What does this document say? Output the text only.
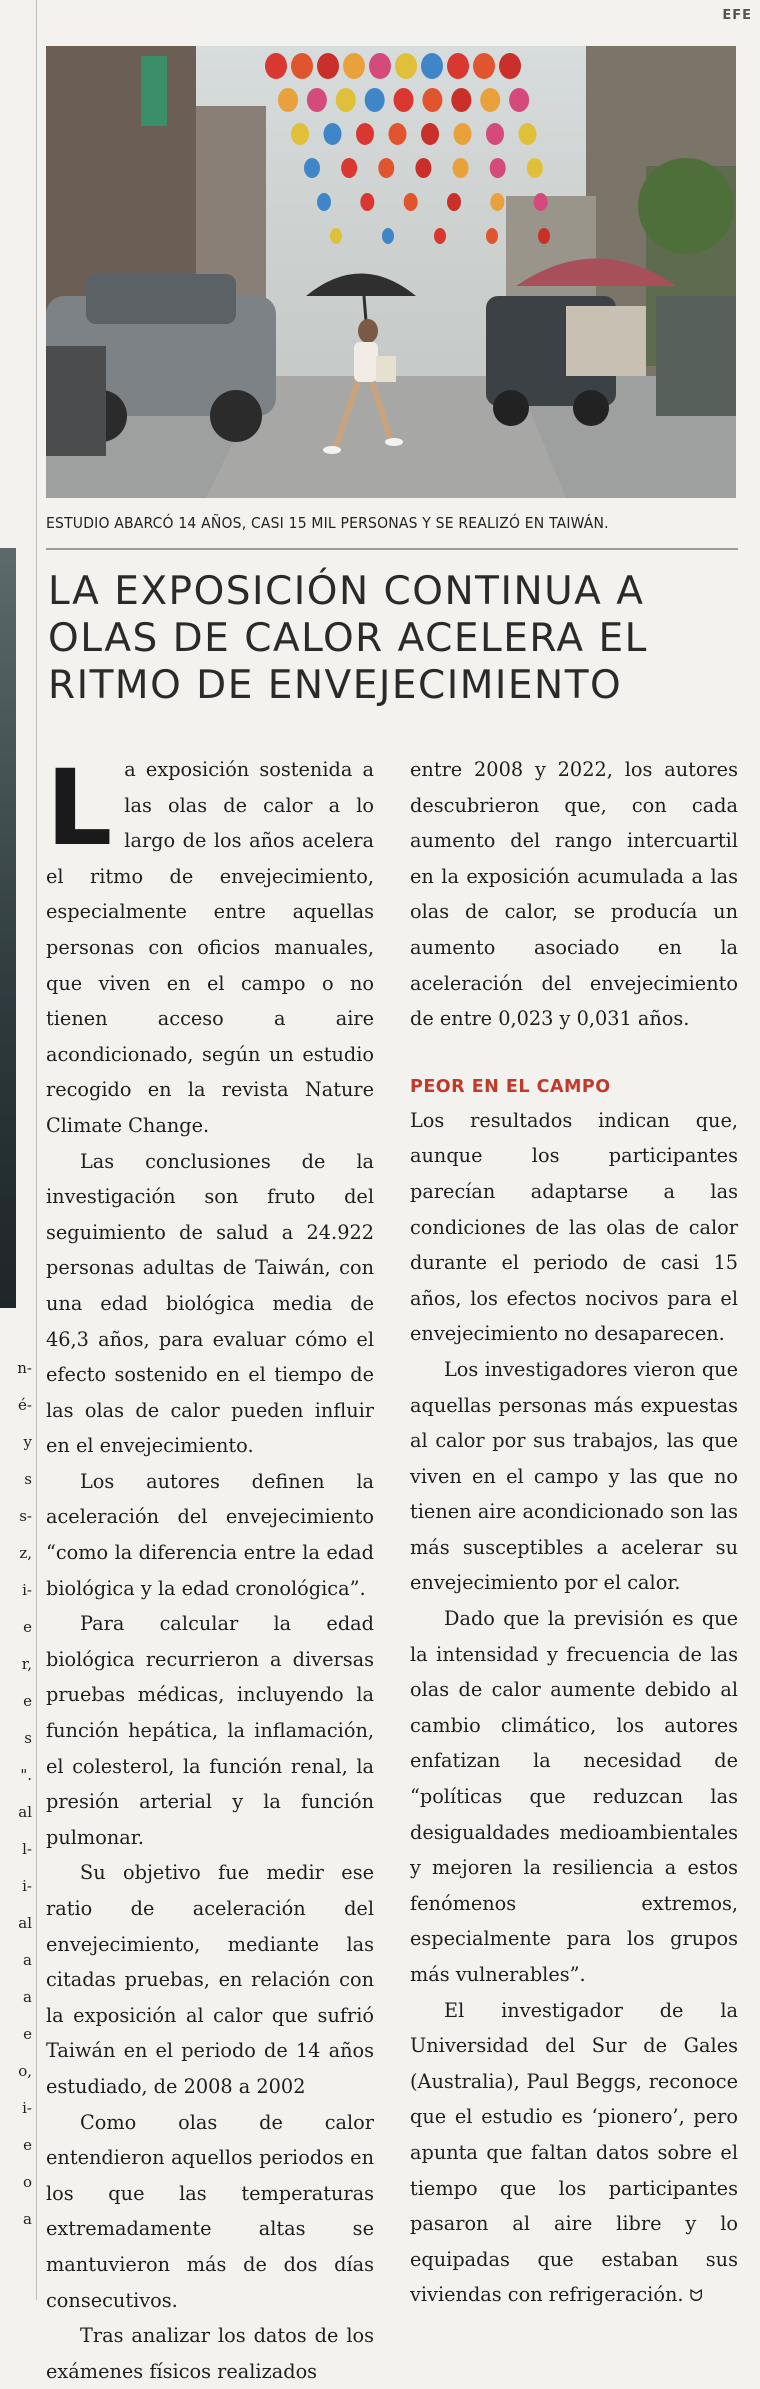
n-
é-
y
s
s-
z,
i-
e
r,
e
s
".
al
l-
i-
al
a
a
e
o,
i-
e
o
a
EFE
ESTUDIO ABARCÓ 14 AÑOS, CASI 15 MIL PERSONAS Y SE REALIZÓ EN TAIWÁN.
LA EXPOSICIÓN CONTINUA A OLAS DE CALOR ACELERA EL RITMO DE ENVEJECIMIENTO

La exposición sostenida a las olas de calor a lo largo de los años acelera el ritmo de envejecimiento, especialmente entre aquellas personas con oficios manuales, que viven en el campo o no tienen acceso a aire acondicionado, según un estudio recogido en la revista Nature Climate Change.

Las conclusiones de la investigación son fruto del seguimiento de salud a 24.922 personas adultas de Taiwán, con una edad biológica media de 46,3 años, para evaluar cómo el efecto sostenido en el tiempo de las olas de calor pueden influir en el envejecimiento.

Los autores definen la aceleración del envejecimiento “como la diferencia entre la edad biológica y la edad cronológica”.

Para calcular la edad biológica recurrieron a diversas pruebas médicas, incluyendo la función hepática, la inflamación, el colesterol, la función renal, la presión arterial y la función pulmonar.

Su objetivo fue medir ese ratio de aceleración del envejecimiento, mediante las citadas pruebas, en relación con la exposición al calor que sufrió Taiwán en el periodo de 14 años estudiado, de 2008 a 2002

Como olas de calor entendieron aquellos periodos en los que las temperaturas extremadamente altas se mantuvieron más de dos días consecutivos.

Tras analizar los datos de los exámenes físicos realizados

entre 2008 y 2022, los autores descubrieron que, con cada aumento del rango intercuartil en la exposición acumulada a las olas de calor, se producía un aumento asociado en la aceleración del envejecimiento de entre 0,023 y 0,031 años.

PEOR EN EL CAMPO

Los resultados indican que, aunque los participantes parecían adaptarse a las condiciones de las olas de calor durante el periodo de casi 15 años, los efectos nocivos para el envejecimiento no desaparecen.

Los investigadores vieron que aquellas personas más expuestas al calor por sus trabajos, las que viven en el campo y las que no tienen aire acondicionado son las más susceptibles a acelerar su envejecimiento por el calor.

Dado que la previsión es que la intensidad y frecuencia de las olas de calor aumente debido al cambio climático, los autores enfatizan la necesidad de “políticas que reduzcan las desigualdades medioambientales y mejoren la resiliencia a estos fenómenos extremos, especialmente para los grupos más vulnerables”.

El investigador de la Universidad del Sur de Gales (Australia), Paul Beggs, reconoce que el estudio es ‘pionero’, pero apunta que faltan datos sobre el tiempo que los participantes pasaron al aire libre y lo equipadas que estaban sus viviendas con refrigeración. ᗢ
